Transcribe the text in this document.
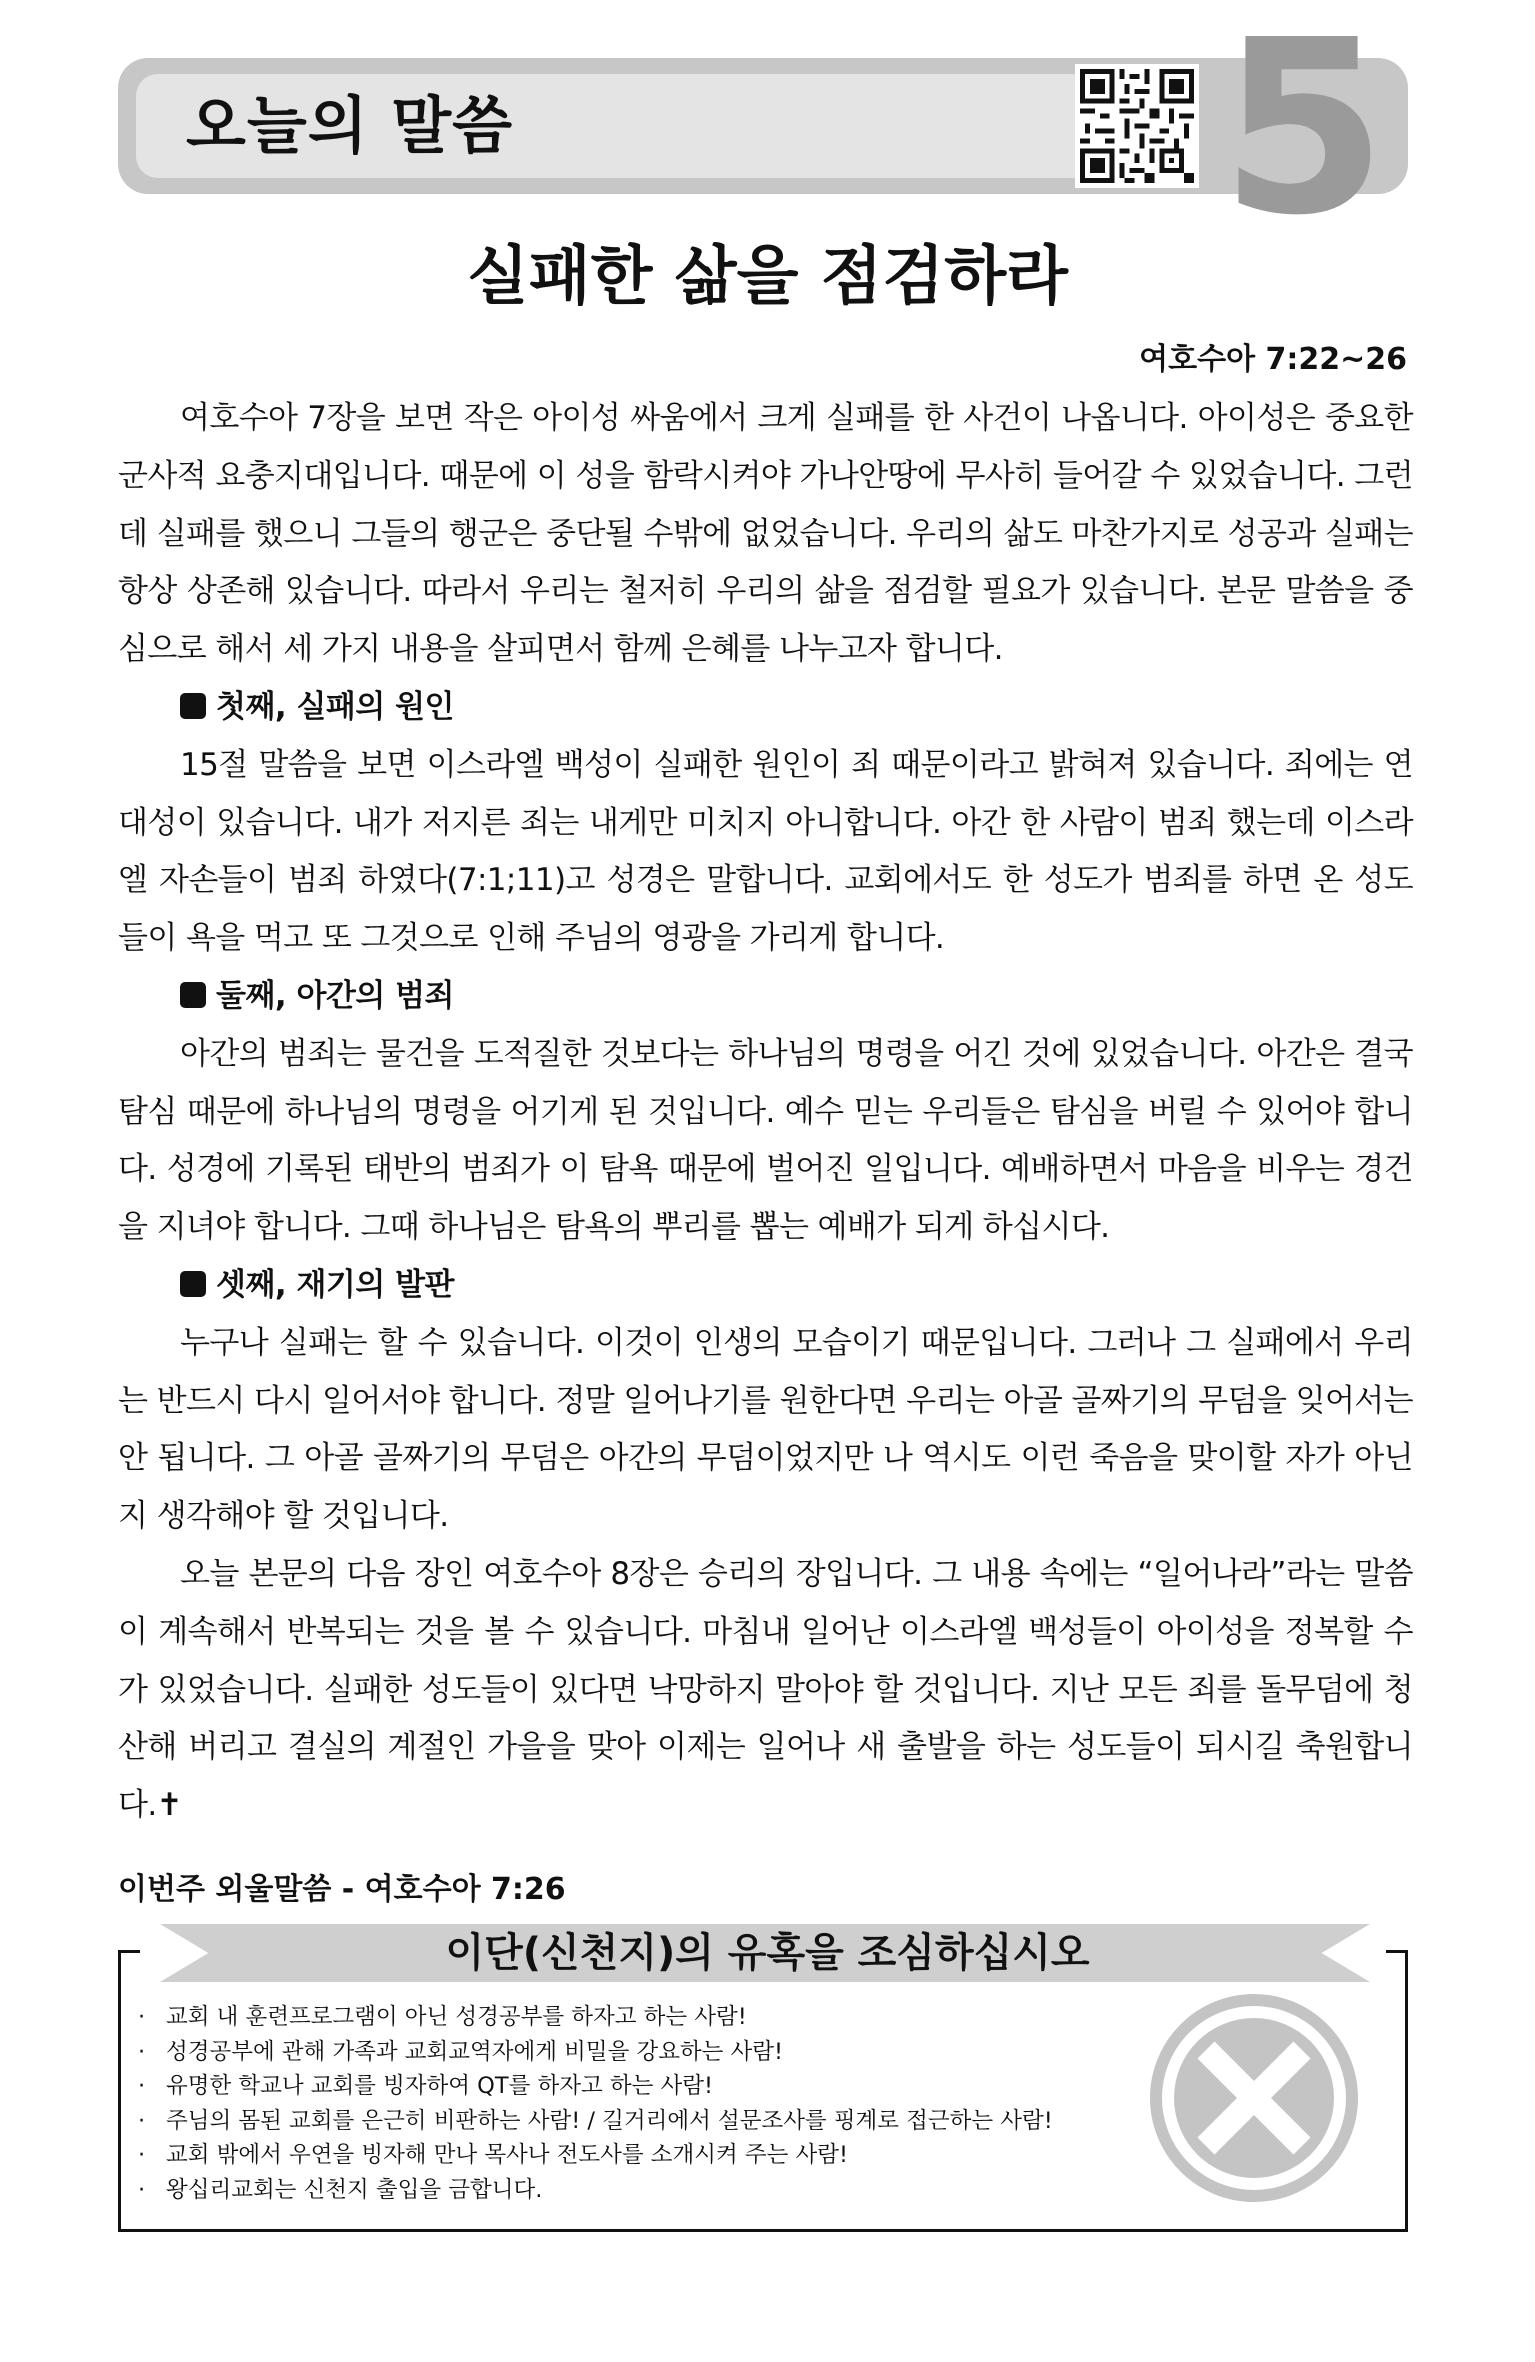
오늘의 말씀	5
실패한 삶을 점검하라
여호수아 7:22~26

여호수아 7장을 보면 작은 아이성 싸움에서 크게 실패를 한 사건이 나옵니다. 아이성은 중요한 군사적 요충지대입니다. 때문에 이 성을 함락시켜야 가나안땅에 무사히 들어갈 수 있었습니다. 그런데 실패를 했으니 그들의 행군은 중단될 수밖에 없었습니다. 우리의 삶도 마찬가지로 성공과 실패는 항상 상존해 있습니다. 따라서 우리는 철저히 우리의 삶을 점검할 필요가 있습니다. 본문 말씀을 중심으로 해서 세 가지 내용을 살피면서 함께 은혜를 나누고자 합니다.

첫째, 실패의 원인

15절 말씀을 보면 이스라엘 백성이 실패한 원인이 죄 때문이라고 밝혀져 있습니다. 죄에는 연대성이 있습니다. 내가 저지른 죄는 내게만 미치지 아니합니다. 아간 한 사람이 범죄 했는데 이스라엘 자손들이 범죄 하였다(7:1;11)고 성경은 말합니다. 교회에서도 한 성도가 범죄를 하면 온 성도들이 욕을 먹고 또 그것으로 인해 주님의 영광을 가리게 합니다.

둘째, 아간의 범죄

아간의 범죄는 물건을 도적질한 것보다는 하나님의 명령을 어긴 것에 있었습니다. 아간은 결국 탐심 때문에 하나님의 명령을 어기게 된 것입니다. 예수 믿는 우리들은 탐심을 버릴 수 있어야 합니다. 성경에 기록된 태반의 범죄가 이 탐욕 때문에 벌어진 일입니다. 예배하면서 마음을 비우는 경건을 지녀야 합니다. 그때 하나님은 탐욕의 뿌리를 뽑는 예배가 되게 하십시다.

셋째, 재기의 발판

누구나 실패는 할 수 있습니다. 이것이 인생의 모습이기 때문입니다. 그러나 그 실패에서 우리는 반드시 다시 일어서야 합니다. 정말 일어나기를 원한다면 우리는 아골 골짜기의 무덤을 잊어서는 안 됩니다. 그 아골 골짜기의 무덤은 아간의 무덤이었지만 나 역시도 이런 죽음을 맞이할 자가 아닌지 생각해야 할 것입니다.

오늘 본문의 다음 장인 여호수아 8장은 승리의 장입니다. 그 내용 속에는 “일어나라”라는 말씀이 계속해서 반복되는 것을 볼 수 있습니다. 마침내 일어난 이스라엘 백성들이 아이성을 정복할 수가 있었습니다. 실패한 성도들이 있다면 낙망하지 말아야 할 것입니다. 지난 모든 죄를 돌무덤에 청산해 버리고 결실의 계절인 가을을 맞아 이제는 일어나 새 출발을 하는 성도들이 되시길 축원합니다.✝

이번주 외울말씀 - 여호수아 7:26
이단(신천지)의 유혹을 조심하십시오
· 교회 내 훈련프로그램이 아닌 성경공부를 하자고 하는 사람!
· 성경공부에 관해 가족과 교회교역자에게 비밀을 강요하는 사람!
· 유명한 학교나 교회를 빙자하여 QT를 하자고 하는 사람!
· 주님의 몸된 교회를 은근히 비판하는 사람! / 길거리에서 설문조사를 핑계로 접근하는 사람!
· 교회 밖에서 우연을 빙자해 만나 목사나 전도사를 소개시켜 주는 사람!
· 왕십리교회는 신천지 출입을 금합니다.
